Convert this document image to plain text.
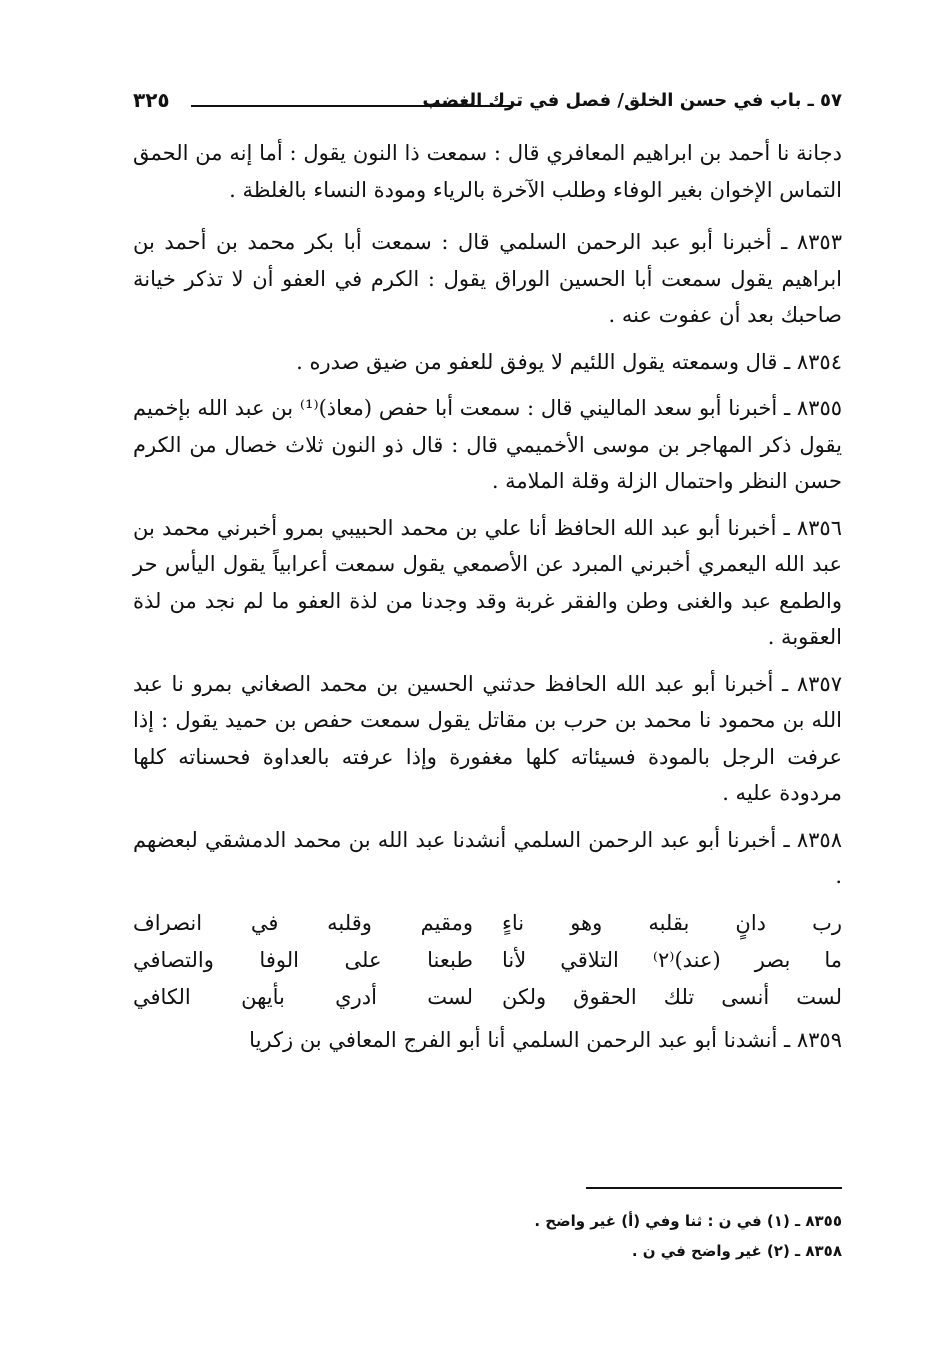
٥٧ ـ باب في حسن الخلق/ فصل في ترك الغضب
٣٢٥

دجانة نا أحمد بن ابراهيم المعافري قال : سمعت ذا النون يقول : أما إنه من الحمق التماس الإخوان بغير الوفاء وطلب الآخرة بالرياء ومودة النساء بالغلظة .

٨٣٥٣ ـ أخبرنا أبو عبد الرحمن السلمي قال : سمعت أبا بكر محمد بن أحمد بن ابراهيم يقول سمعت أبا الحسين الوراق يقول : الكرم في العفو أن لا تذكر خيانة صاحبك بعد أن عفوت عنه .

٨٣٥٤ ـ قال وسمعته يقول اللئيم لا يوفق للعفو من ضيق صدره .

٨٣٥٥ ـ أخبرنا أبو سعد الماليني قال : سمعت أبا حفص (معاذ)⁽¹⁾ بن عبد الله بإخميم يقول ذكر المهاجر بن موسى الأخميمي قال : قال ذو النون ثلاث خصال من الكرم حسن النظر واحتمال الزلة وقلة الملامة .

٨٣٥٦ ـ أخبرنا أبو عبد الله الحافظ أنا علي بن محمد الحبيبي بمرو أخبرني محمد بن عبد الله اليعمري أخبرني المبرد عن الأصمعي يقول سمعت أعرابياً يقول اليأس حر والطمع عبد والغنى وطن والفقر غربة وقد وجدنا من لذة العفو ما لم نجد من لذة العقوبة .

٨٣٥٧ ـ أخبرنا أبو عبد الله الحافظ حدثني الحسين بن محمد الصغاني بمرو نا عبد الله بن محمود نا محمد بن حرب بن مقاتل يقول سمعت حفص بن حميد يقول : إذا عرفت الرجل بالمودة فسيئاته كلها مغفورة وإذا عرفته بالعداوة فحسناته كلها مردودة عليه .

٨٣٥٨ ـ أخبرنا أبو عبد الرحمن السلمي أنشدنا عبد الله بن محمد الدمشقي لبعضهم .

رب دانٍ بقلبه وهو ناءٍ
ومقيم وقلبه في انصراف
ما بصر (عند)⁽٢⁾ التلاقي لأنا
طبعنا على الوفا والتصافي
لست أنسى تلك الحقوق ولكن
لست أدري بأيهن الكافي

٨٣٥٩ ـ أنشدنا أبو عبد الرحمن السلمي أنا أبو الفرج المعافي بن زكريا

٨٣٥٥ ـ (١) في ن : ثنا وفي (أ) غير واضح .

٨٣٥٨ ـ (٢) غير واضح في ن .
